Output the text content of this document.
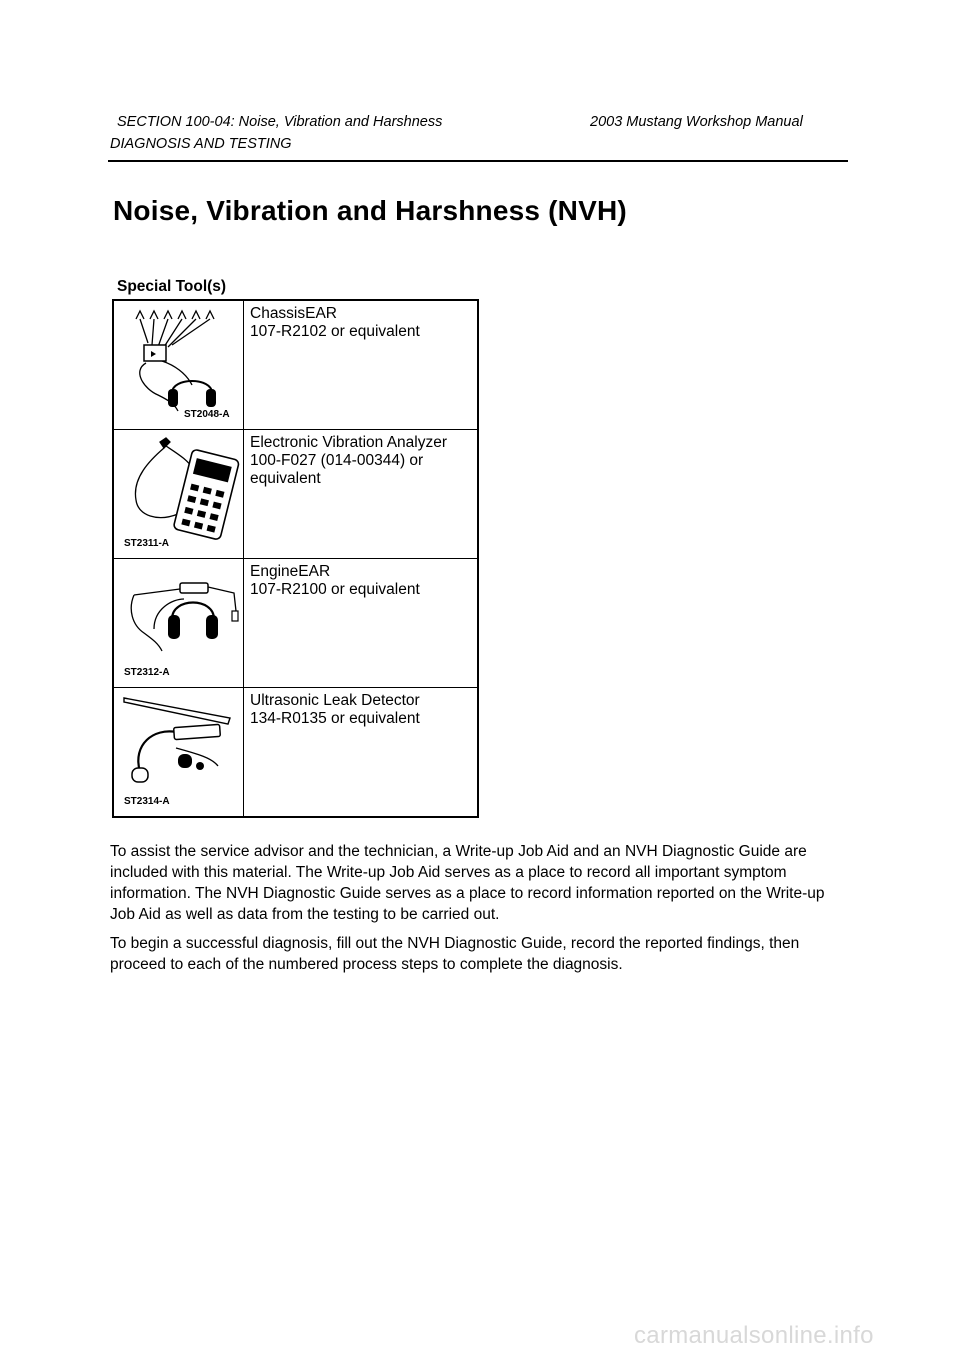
SECTION 100-04: Noise, Vibration and Harshness	2003 Mustang Workshop Manual
DIAGNOSIS AND TESTING
Noise, Vibration and Harshness (NVH)
Special Tool(s)
ST2048-A	ChassisEAR
107-R2102 or equivalent

ST2311-A	Electronic Vibration Analyzer
100-F027 (014-00344) or equivalent

ST2312-A	EngineEAR
107-R2100 or equivalent

ST2314-A	Ultrasonic Leak Detector
134-R0135 or equivalent

To assist the service advisor and the technician, a Write-up Job Aid and an NVH Diagnostic Guide are included with this material. The Write-up Job Aid serves as a place to record all important symptom information. The NVH Diagnostic Guide serves as a place to record information reported on the Write-up Job Aid as well as data from the testing to be carried out.

To begin a successful diagnosis, fill out the NVH Diagnostic Guide, record the reported findings, then proceed to each of the numbered process steps to complete the diagnosis.

carmanualsonline.info
